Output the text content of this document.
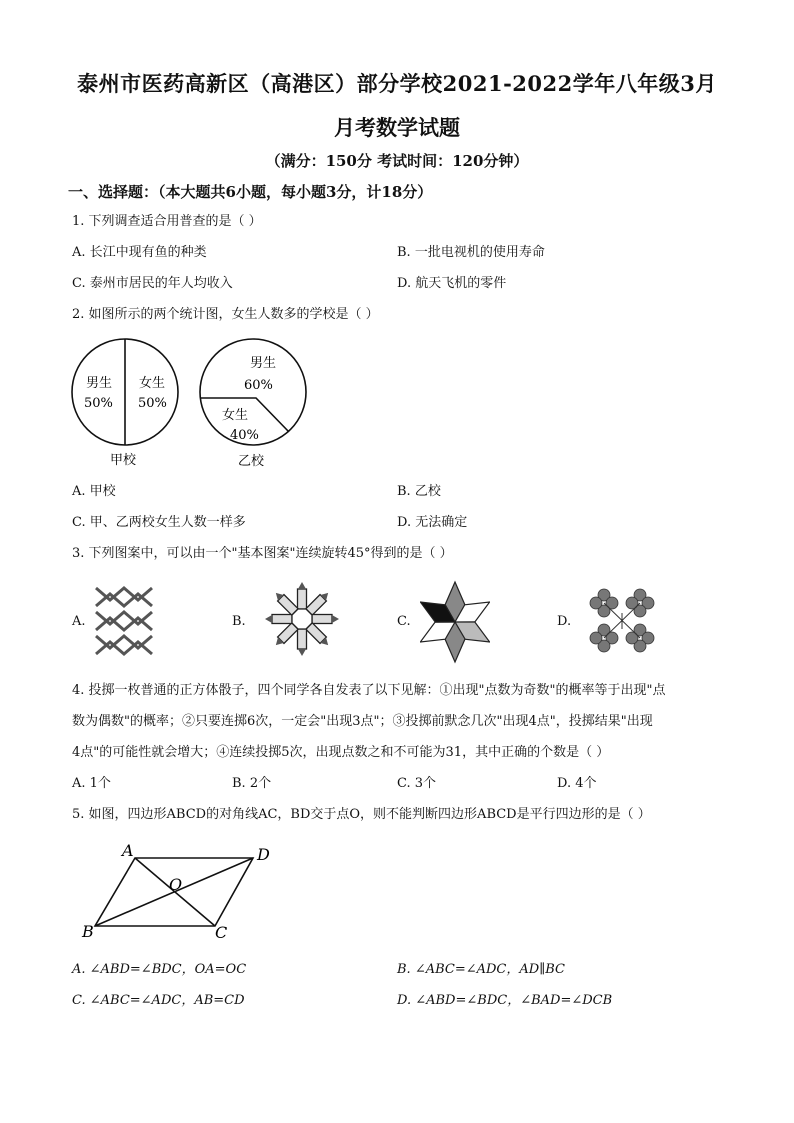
泰州市医药高新区（高港区）部分学校2021-2022学年八年级3月
月考数学试题
（满分：150分 考试时间：120分钟）
一、选择题：（本大题共6小题，每小题3分，计18分）
1. 下列调查适合用普查的是（ ）
A. 长江中现有鱼的种类	B. 一批电视机的使用寿命
C. 泰州市居民的年人均收入	D. 航天飞机的零件
2. 如图所示的两个统计图，女生人数多的学校是（ ）
男生
50%
女生
50%
甲校
男生
60%
女生
40%
乙校
A. 甲校	B. 乙校
C. 甲、乙两校女生人数一样多	D. 无法确定
3. 下列图案中，可以由一个"基本图案"连续旋转45°得到的是（ ）
A.	B.	C.	D.
4. 投掷一枚普通的正方体骰子，四个同学各自发表了以下见解：①出现"点数为奇数"的概率等于出现"点
数为偶数"的概率；②只要连掷6次，一定会"出现3点"；③投掷前默念几次"出现4点"，投掷结果"出现
4点"的可能性就会增大；④连续投掷5次，出现点数之和不可能为31，其中正确的个数是（ ）
A. 1个	B. 2个	C. 3个	D. 4个
5. 如图，四边形ABCD的对角线AC，BD交于点O，则不能判断四边形ABCD是平行四边形的是（ ）
A	D
O
B	C
A. ∠ABD=∠BDC，OA=OC	B. ∠ABC=∠ADC，AD∥BC
C. ∠ABC=∠ADC，AB=CD	D. ∠ABD=∠BDC，∠BAD=∠DCB
